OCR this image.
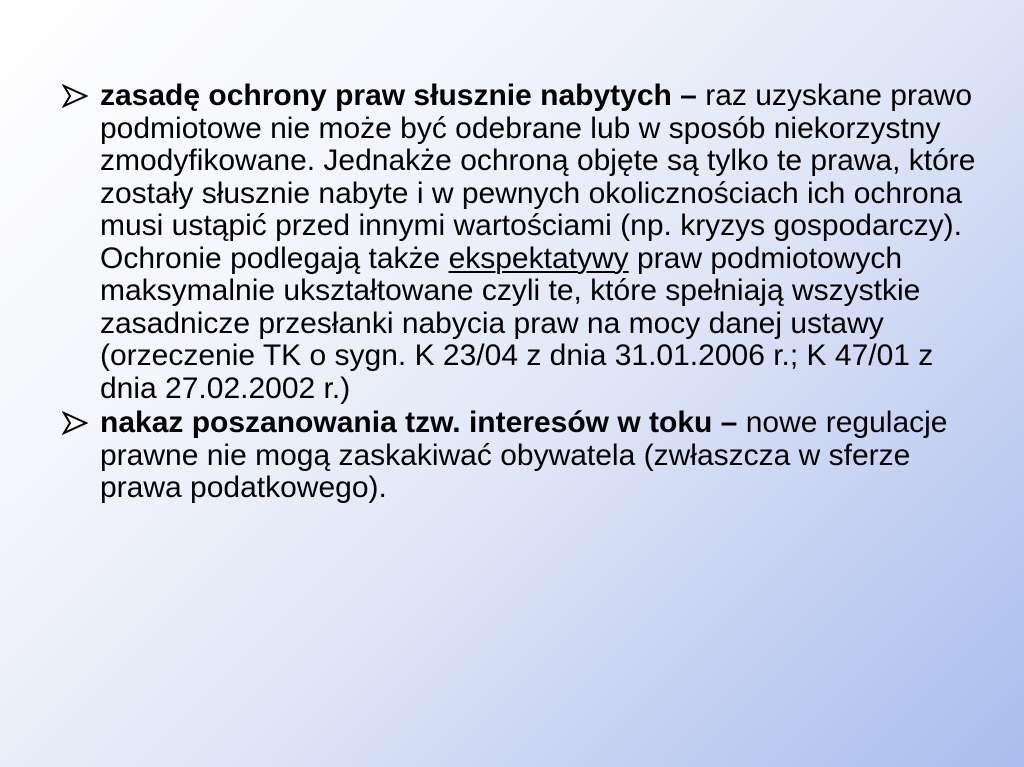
zasadę ochrony praw słusznie nabytych – raz uzyskane prawo podmiotowe nie może być odebrane lub w sposób niekorzystny zmodyfikowane. Jednakże ochroną objęte są tylko te prawa, które zostały słusznie nabyte i w pewnych okolicznościach ich ochrona musi ustąpić przed innymi wartościami (np. kryzys gospodarczy). Ochronie podlegają także ekspektatywy praw podmiotowych maksymalnie ukształtowane czyli te, które spełniają wszystkie zasadnicze przesłanki nabycia praw na mocy danej ustawy (orzeczenie TK o sygn. K 23/04 z dnia 31.01.2006 r.; K 47/01 z dnia 27.02.2002 r.)
nakaz poszanowania tzw. interesów w toku – nowe regulacje prawne nie mogą zaskakiwać obywatela (zwłaszcza w sferze prawa podatkowego).
